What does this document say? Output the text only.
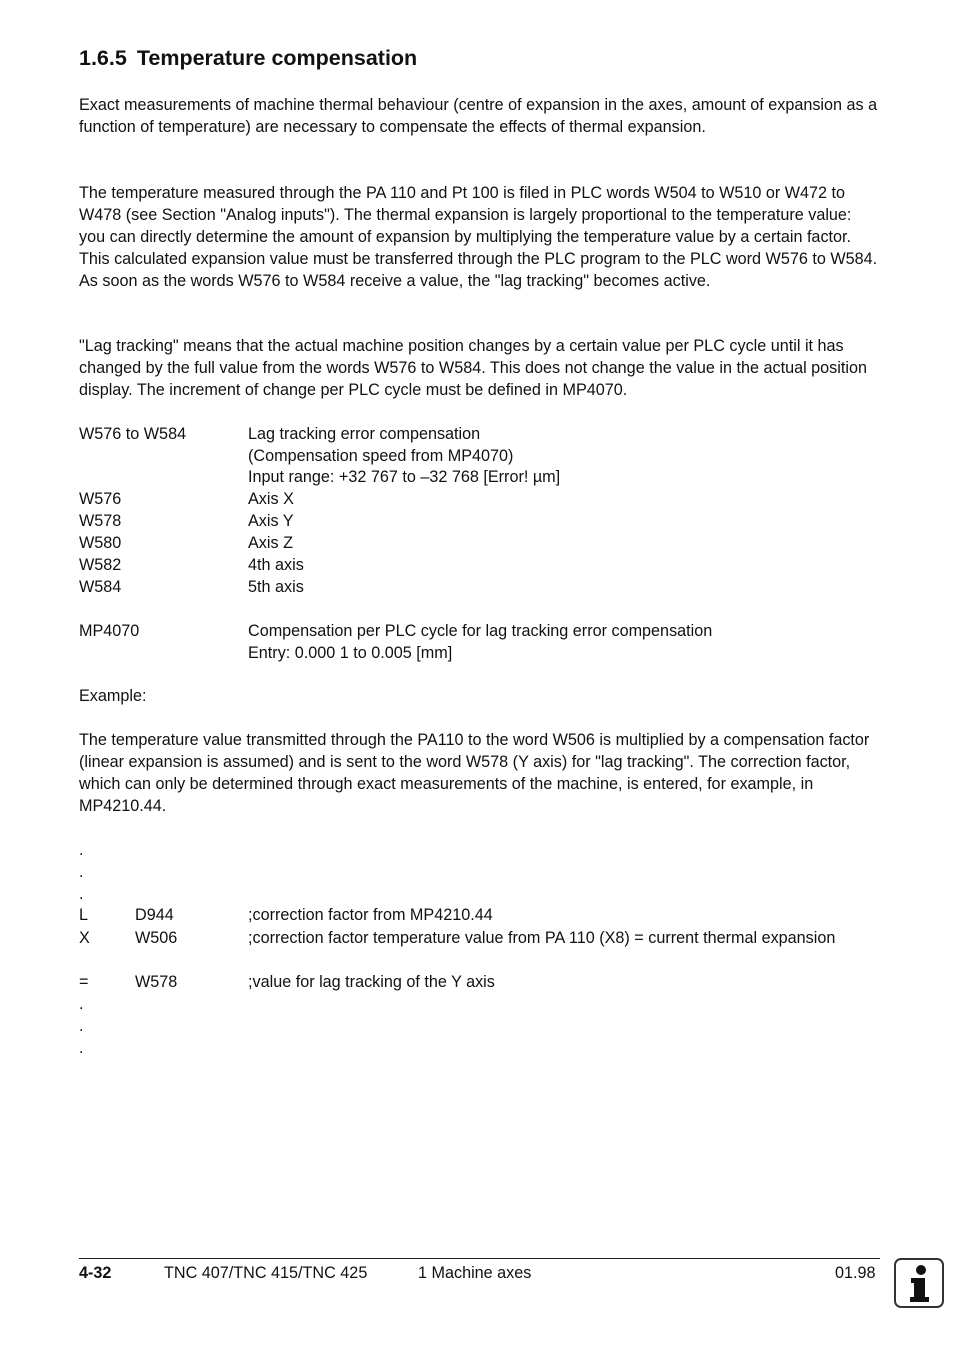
1.6.5 Temperature compensation

Exact measurements of machine thermal behaviour (centre of expansion in the axes, amount of expansion as a function of temperature) are necessary to compensate the effects of thermal expansion.

The temperature measured through the PA 110 and Pt 100 is filed in PLC words W504 to W510 or W472 to W478 (see Section "Analog inputs"). The thermal expansion is largely proportional to the temperature value: you can directly determine the amount of expansion by multiplying the temperature value by a certain factor. This calculated expansion value must be transferred through the PLC program to the PLC word W576 to W584. As soon as the words W576 to W584 receive a value, the "lag tracking" becomes active.

"Lag tracking" means that the actual machine position changes by a certain value per PLC cycle until it has changed by the full value from the words W576 to W584. This does not change the value in the actual position display. The increment of change per PLC cycle must be defined in MP4070.

W576 to W584	Lag tracking error compensation
(Compensation speed from MP4070)
Input range: +32 767 to –32 768 [Error! µm]
W576	Axis X
W578	Axis Y
W580	Axis Z
W582	4th axis
W584	5th axis
MP4070	Compensation per PLC cycle for lag tracking error compensation
Entry: 0.000 1 to 0.005 [mm]

Example:

The temperature value transmitted through the PA110 to the word W506 is multiplied by a compensation factor (linear expansion is assumed) and is sent to the word W578 (Y axis) for "lag tracking". The correction factor, which can only be determined through exact measurements of the machine, is entered, for example, in MP4210.44.

.
.
.
L	D944	;correction factor from MP4210.44
X	W506	;correction factor temperature value from PA 110 (X8) = current thermal expansion
=	W578	;value for lag tracking of the Y axis
.
.
.
4-32	TNC 407/TNC 415/TNC 425	1 Machine axes	01.98
